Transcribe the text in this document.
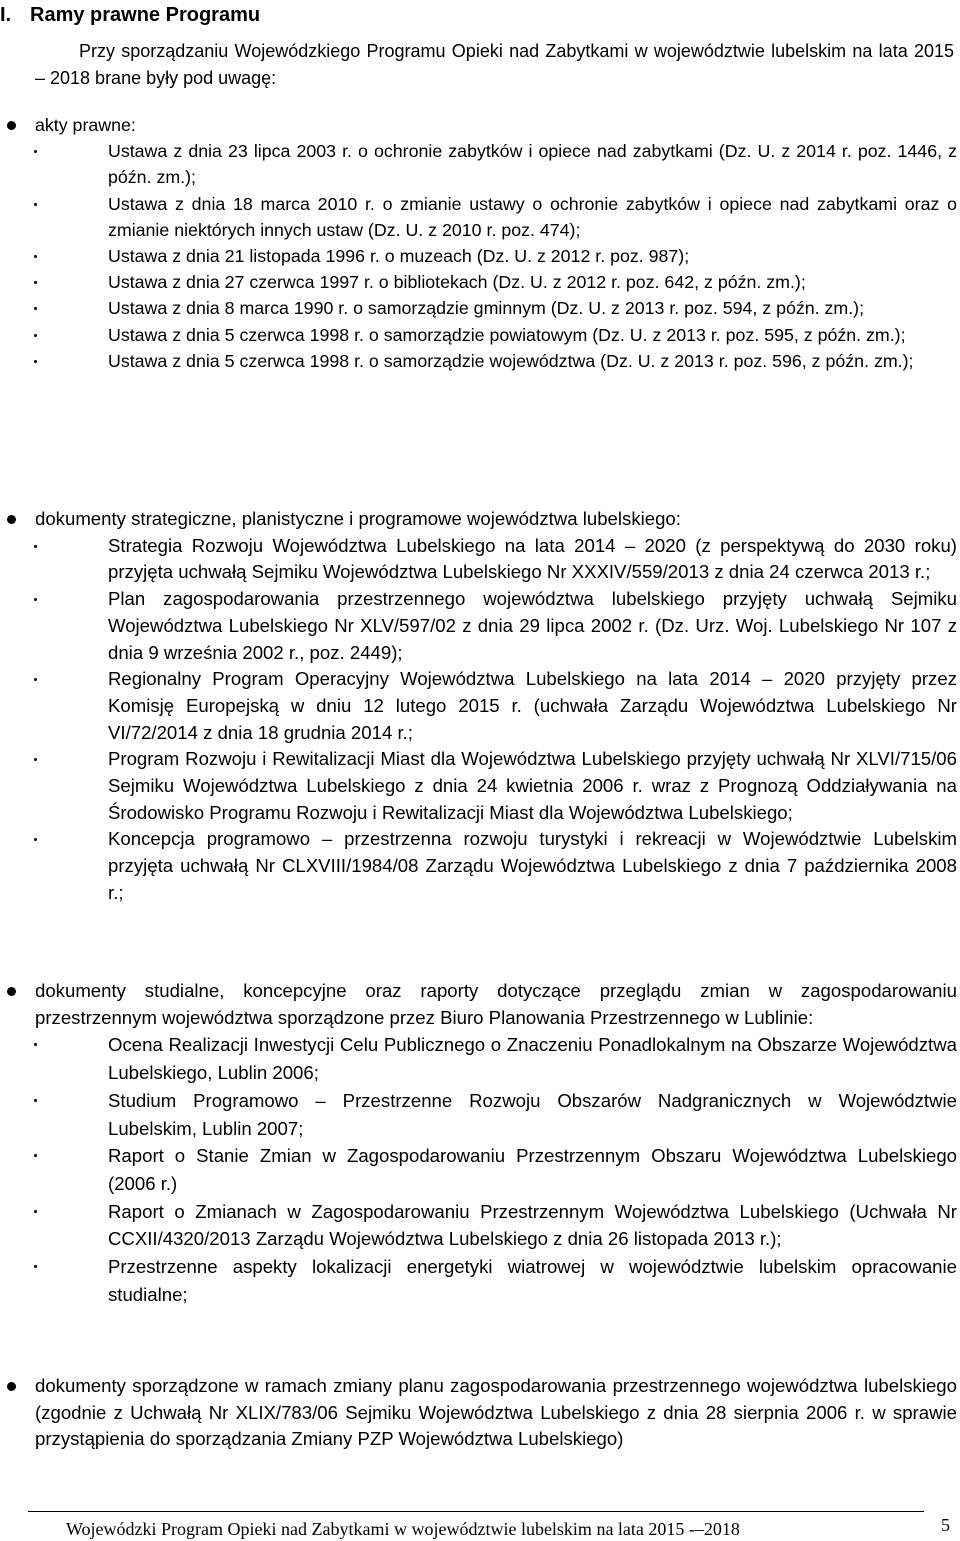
I. Ramy prawne Programu
Przy sporządzaniu Wojewódzkiego Programu Opieki nad Zabytkami w województwie lubelskim na lata 2015 – 2018 brane były pod uwagę:
akty prawne:
Ustawa z dnia 23 lipca 2003 r. o ochronie zabytków i opiece nad zabytkami (Dz. U. z 2014 r. poz. 1446, z późn. zm.);
Ustawa z dnia 18 marca 2010 r. o zmianie ustawy o ochronie zabytków i opiece nad zabytkami oraz o zmianie niektórych innych ustaw (Dz. U. z 2010 r. poz. 474);
Ustawa z dnia 21 listopada 1996 r. o muzeach (Dz. U. z 2012 r. poz. 987);
Ustawa z dnia 27 czerwca 1997 r. o bibliotekach (Dz. U. z 2012 r. poz. 642, z późn. zm.);
Ustawa z dnia 8 marca 1990 r. o samorządzie gminnym (Dz. U. z 2013 r. poz. 594, z późn. zm.);
Ustawa z dnia 5 czerwca 1998 r. o samorządzie powiatowym (Dz. U. z 2013 r. poz. 595, z późn. zm.);
Ustawa z dnia 5 czerwca 1998 r. o samorządzie województwa (Dz. U. z 2013 r. poz. 596, z późn. zm.);
dokumenty strategiczne, planistyczne i programowe województwa lubelskiego:
Strategia Rozwoju Województwa Lubelskiego na lata 2014 – 2020 (z perspektywą do 2030 roku) przyjęta uchwałą Sejmiku Województwa Lubelskiego Nr XXXIV/559/2013 z dnia 24 czerwca 2013 r.;
Plan zagospodarowania przestrzennego województwa lubelskiego przyjęty uchwałą Sejmiku Województwa Lubelskiego Nr XLV/597/02 z dnia 29 lipca 2002 r. (Dz. Urz. Woj. Lubelskiego Nr 107 z dnia 9 września 2002 r., poz. 2449);
Regionalny Program Operacyjny Województwa Lubelskiego na lata 2014 – 2020 przyjęty przez Komisję Europejską w dniu 12 lutego 2015 r. (uchwała Zarządu Województwa Lubelskiego Nr VI/72/2014 z dnia 18 grudnia 2014 r.;
Program Rozwoju i Rewitalizacji Miast dla Województwa Lubelskiego przyjęty uchwałą Nr XLVI/715/06 Sejmiku Województwa Lubelskiego z dnia 24 kwietnia 2006 r. wraz z Prognozą Oddziaływania na Środowisko Programu Rozwoju i Rewitalizacji Miast dla Województwa Lubelskiego;
Koncepcja programowo – przestrzenna rozwoju turystyki i rekreacji w Województwie Lubelskim przyjęta uchwałą Nr CLXVIII/1984/08 Zarządu Województwa Lubelskiego z dnia 7 października 2008 r.;
dokumenty studialne, koncepcyjne oraz raporty dotyczące przeglądu zmian w zagospodarowaniu przestrzennym województwa sporządzone przez Biuro Planowania Przestrzennego w Lublinie:
Ocena Realizacji Inwestycji Celu Publicznego o Znaczeniu Ponadlokalnym na Obszarze Województwa Lubelskiego, Lublin 2006;
Studium Programowo – Przestrzenne Rozwoju Obszarów Nadgranicznych w Województwie Lubelskim, Lublin 2007;
Raport o Stanie Zmian w Zagospodarowaniu Przestrzennym Obszaru Województwa Lubelskiego (2006 r.)
Raport o Zmianach w Zagospodarowaniu Przestrzennym Województwa Lubelskiego (Uchwała Nr CCXII/4320/2013 Zarządu Województwa Lubelskiego z dnia 26 listopada 2013 r.);
Przestrzenne aspekty lokalizacji energetyki wiatrowej w województwie lubelskim opracowanie studialne;
dokumenty sporządzone w ramach zmiany planu zagospodarowania przestrzennego województwa lubelskiego (zgodnie z Uchwałą Nr XLIX/783/06 Sejmiku Województwa Lubelskiego z dnia 28 sierpnia 2006 r. w sprawie przystąpienia do sporządzania Zmiany PZP Województwa Lubelskiego)
Wojewódzki Program Opieki nad Zabytkami w województwie lubelskim na lata 2015 -–2018	5
